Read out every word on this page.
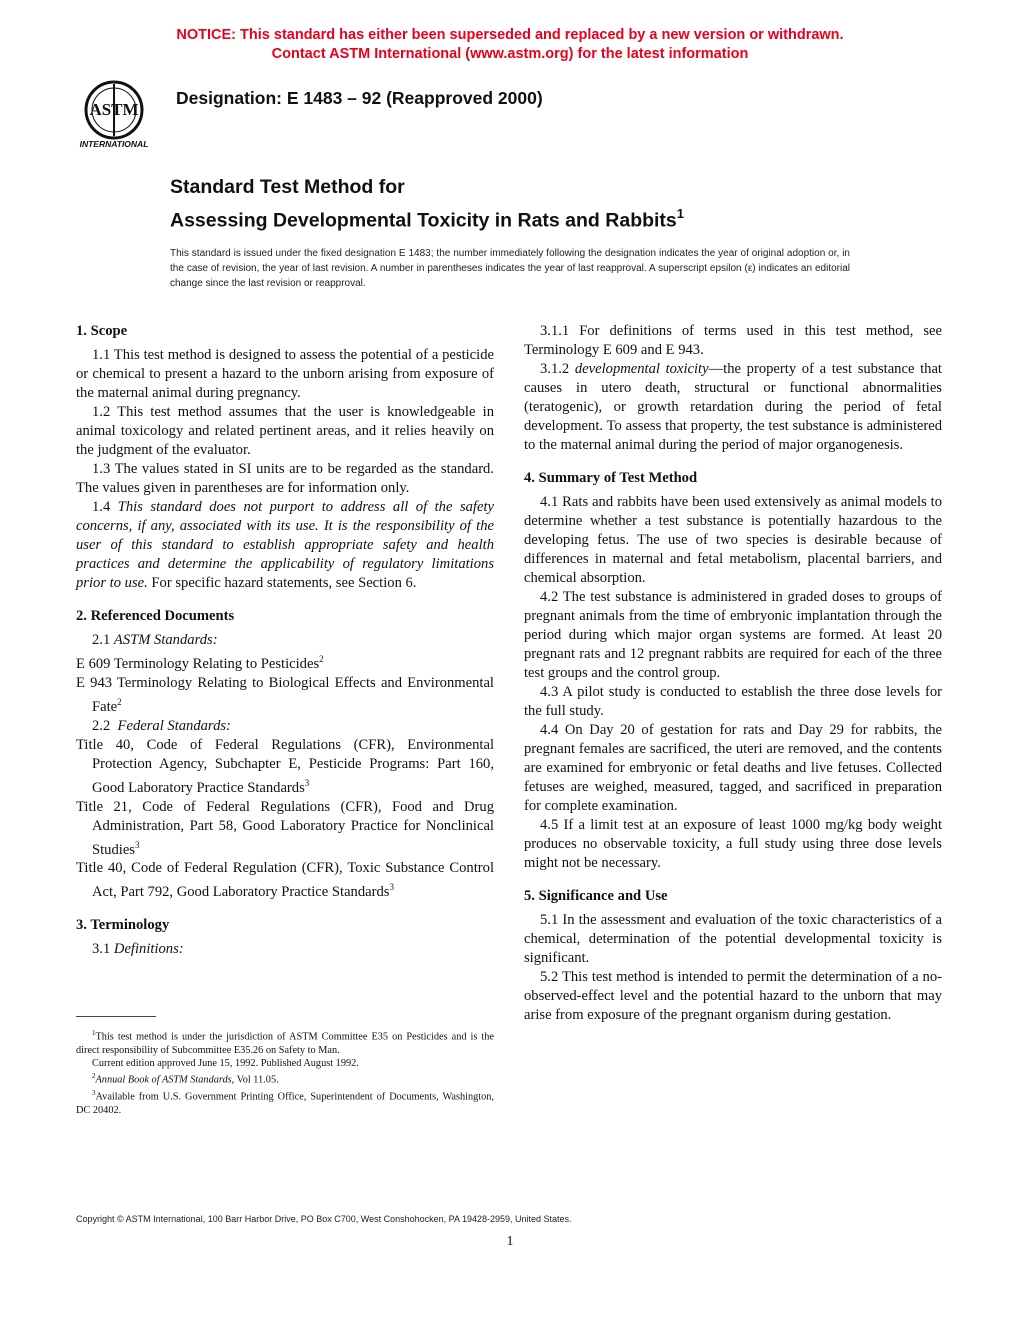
NOTICE: This standard has either been superseded and replaced by a new version or withdrawn.
Contact ASTM International (www.astm.org) for the latest information
ASTM
INTERNATIONAL
Designation: E 1483 – 92 (Reapproved 2000)
Standard Test Method for
Assessing Developmental Toxicity in Rats and Rabbits$^1$
This standard is issued under the fixed designation E 1483; the number immediately following the designation indicates the year of original adoption or, in the case of revision, the year of last revision. A number in parentheses indicates the year of last reapproval. A superscript epsilon (ε) indicates an editorial change since the last revision or reapproval.
1. Scope

1.1 This test method is designed to assess the potential of a pesticide or chemical to present a hazard to the unborn arising from exposure of the maternal animal during pregnancy.

1.2 This test method assumes that the user is knowledgeable in animal toxicology and related pertinent areas, and it relies heavily on the judgment of the evaluator.

1.3 The values stated in SI units are to be regarded as the standard. The values given in parentheses are for information only.

1.4 This standard does not purport to address all of the safety concerns, if any, associated with its use. It is the responsibility of the user of this standard to establish appropriate safety and health practices and determine the applicability of regulatory limitations prior to use. For specific hazard statements, see Section 6.

2. Referenced Documents

2.1 ASTM Standards:

E 609 Terminology Relating to Pesticides$^2$

E 943 Terminology Relating to Biological Effects and Environmental Fate$^2$

2.2 Federal Standards:

Title 40, Code of Federal Regulations (CFR), Environmental Protection Agency, Subchapter E, Pesticide Programs: Part 160, Good Laboratory Practice Standards$^3$

Title 21, Code of Federal Regulations (CFR), Food and Drug Administration, Part 58, Good Laboratory Practice for Nonclinical Studies$^3$

Title 40, Code of Federal Regulation (CFR), Toxic Substance Control Act, Part 792, Good Laboratory Practice Standards$^3$

3. Terminology

3.1 Definitions:

3.1.1 For definitions of terms used in this test method, see Terminology E 609 and E 943.

3.1.2 developmental toxicity—the property of a test substance that causes in utero death, structural or functional abnormalities (teratogenic), or growth retardation during the period of fetal development. To assess that property, the test substance is administered to the maternal animal during the period of major organogenesis.

4. Summary of Test Method

4.1 Rats and rabbits have been used extensively as animal models to determine whether a test substance is potentially hazardous to the developing fetus. The use of two species is desirable because of differences in maternal and fetal metabolism, placental barriers, and chemical absorption.

4.2 The test substance is administered in graded doses to groups of pregnant animals from the time of embryonic implantation through the period during which major organ systems are formed. At least 20 pregnant rats and 12 pregnant rabbits are required for each of the three test groups and the control group.

4.3 A pilot study is conducted to establish the three dose levels for the full study.

4.4 On Day 20 of gestation for rats and Day 29 for rabbits, the pregnant females are sacrificed, the uteri are removed, and the contents are examined for embryonic or fetal deaths and live fetuses. Collected fetuses are weighed, measured, tagged, and sacrificed in preparation for complete examination.

4.5 If a limit test at an exposure of least 1000 mg/kg body weight produces no observable toxicity, a full study using three dose levels might not be necessary.

5. Significance and Use

5.1 In the assessment and evaluation of the toxic characteristics of a chemical, determination of the potential developmental toxicity is significant.

5.2 This test method is intended to permit the determination of a no-observed-effect level and the potential hazard to the unborn that may arise from exposure of the pregnant organism during gestation.

$^1$This test method is under the jurisdiction of ASTM Committee E35 on Pesticides and is the direct responsibility of Subcommittee E35.26 on Safety to Man.

Current edition approved June 15, 1992. Published August 1992.

$^2$Annual Book of ASTM Standards, Vol 11.05.

$^3$Available from U.S. Government Printing Office, Superintendent of Documents, Washington, DC 20402.

Copyright © ASTM International, 100 Barr Harbor Drive, PO Box C700, West Conshohocken, PA 19428-2959, United States.
1
